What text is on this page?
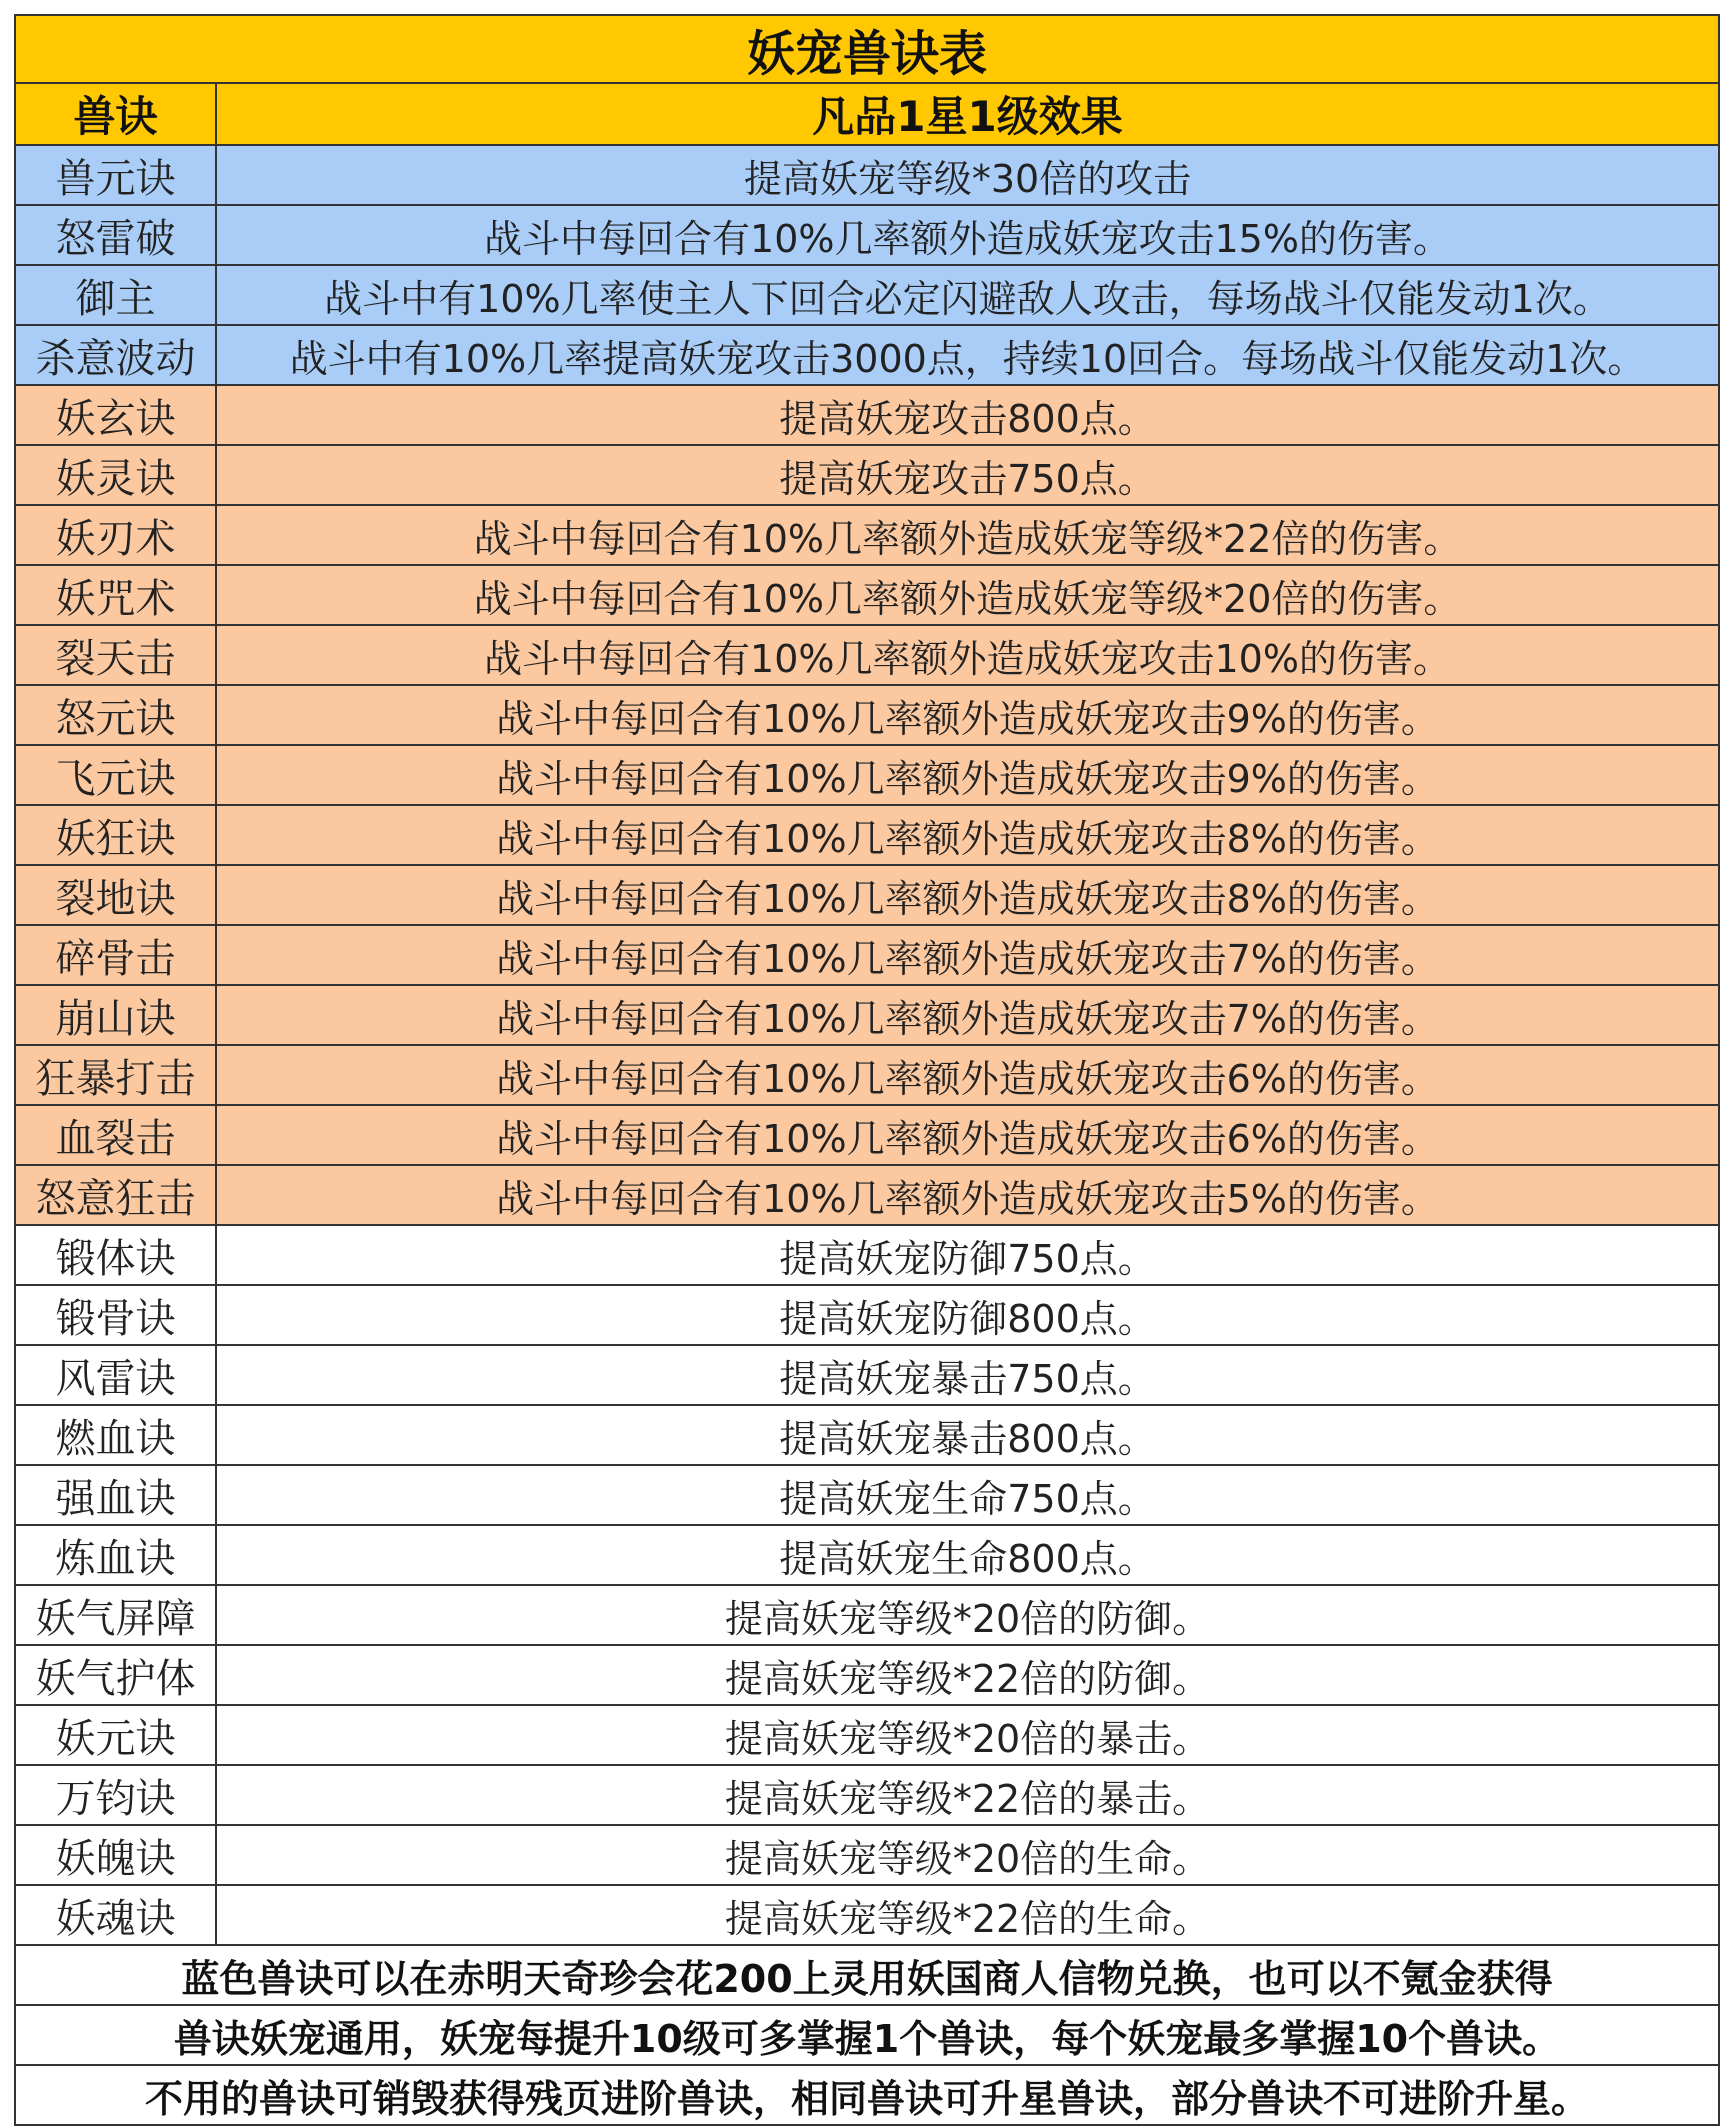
妖宠兽诀表
兽诀	凡品1星1级效果
兽元诀	提高妖宠等级*30倍的攻击
怒雷破	战斗中每回合有10%几率额外造成妖宠攻击15%的伤害。
御主	战斗中有10%几率使主人下回合必定闪避敌人攻击，每场战斗仅能发动1次。
杀意波动	战斗中有10%几率提高妖宠攻击3000点，持续10回合。每场战斗仅能发动1次。
妖玄诀	提高妖宠攻击800点。
妖灵诀	提高妖宠攻击750点。
妖刃术	战斗中每回合有10%几率额外造成妖宠等级*22倍的伤害。
妖咒术	战斗中每回合有10%几率额外造成妖宠等级*20倍的伤害。
裂天击	战斗中每回合有10%几率额外造成妖宠攻击10%的伤害。
怒元诀	战斗中每回合有10%几率额外造成妖宠攻击9%的伤害。
飞元诀	战斗中每回合有10%几率额外造成妖宠攻击9%的伤害。
妖狂诀	战斗中每回合有10%几率额外造成妖宠攻击8%的伤害。
裂地诀	战斗中每回合有10%几率额外造成妖宠攻击8%的伤害。
碎骨击	战斗中每回合有10%几率额外造成妖宠攻击7%的伤害。
崩山诀	战斗中每回合有10%几率额外造成妖宠攻击7%的伤害。
狂暴打击	战斗中每回合有10%几率额外造成妖宠攻击6%的伤害。
血裂击	战斗中每回合有10%几率额外造成妖宠攻击6%的伤害。
怒意狂击	战斗中每回合有10%几率额外造成妖宠攻击5%的伤害。
锻体诀	提高妖宠防御750点。
锻骨诀	提高妖宠防御800点。
风雷诀	提高妖宠暴击750点。
燃血诀	提高妖宠暴击800点。
强血诀	提高妖宠生命750点。
炼血诀	提高妖宠生命800点。
妖气屏障	提高妖宠等级*20倍的防御。
妖气护体	提高妖宠等级*22倍的防御。
妖元诀	提高妖宠等级*20倍的暴击。
万钧诀	提高妖宠等级*22倍的暴击。
妖魄诀	提高妖宠等级*20倍的生命。
妖魂诀	提高妖宠等级*22倍的生命。
蓝色兽诀可以在赤明天奇珍会花200上灵用妖国商人信物兑换，也可以不氪金获得
兽诀妖宠通用，妖宠每提升10级可多掌握1个兽诀，每个妖宠最多掌握10个兽诀。
不用的兽诀可销毁获得残页进阶兽诀，相同兽诀可升星兽诀，部分兽诀不可进阶升星。
